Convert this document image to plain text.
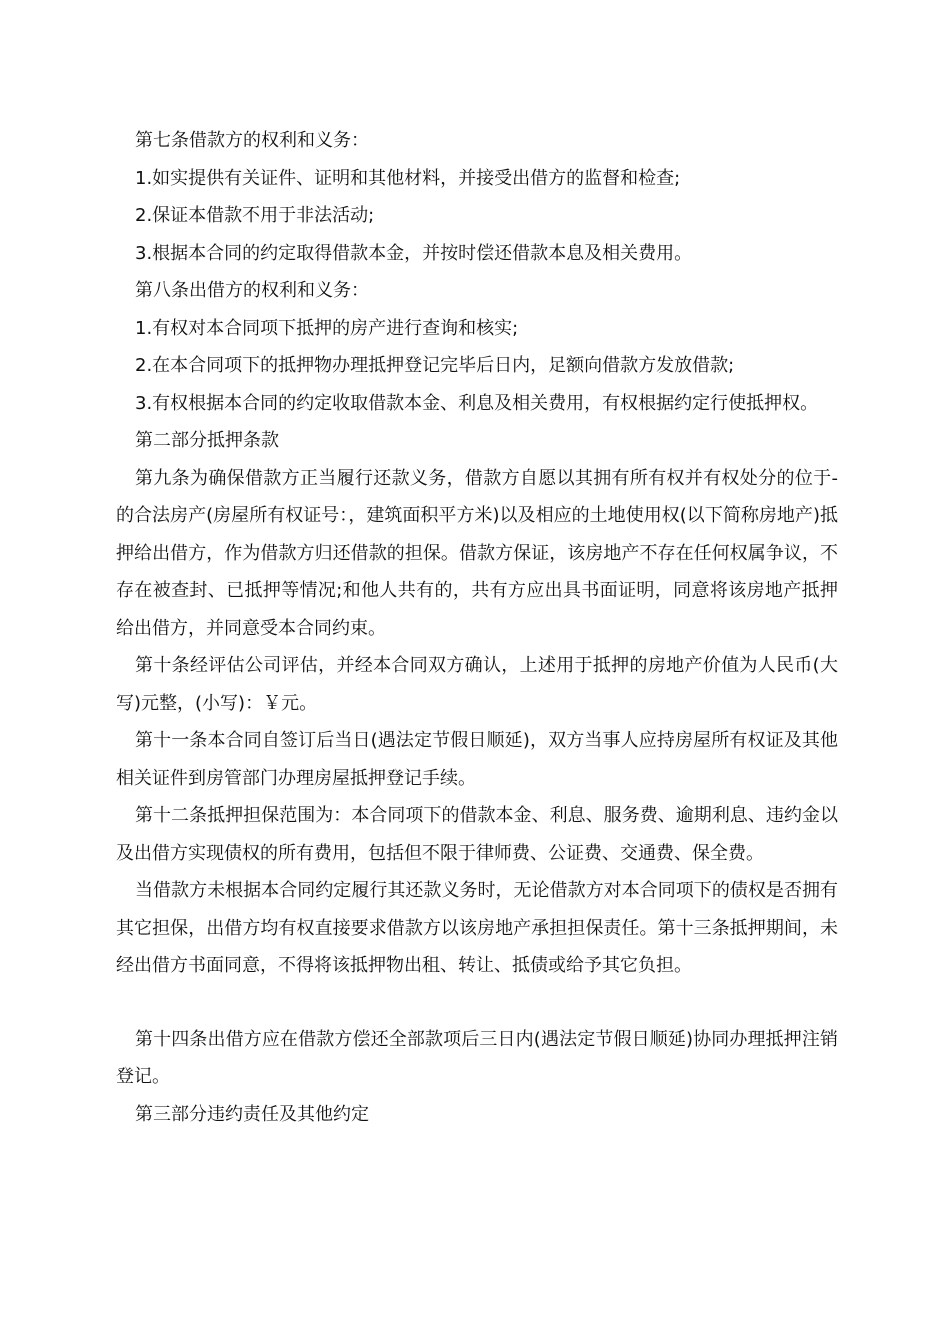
第七条借款方的权利和义务：

1.如实提供有关证件、证明和其他材料，并接受出借方的监督和检查;

2.保证本借款不用于非法活动;

3.根据本合同的约定取得借款本金，并按时偿还借款本息及相关费用。

第八条出借方的权利和义务：

1.有权对本合同项下抵押的房产进行查询和核实;

2.在本合同项下的抵押物办理抵押登记完毕后日内，足额向借款方发放借款;

3.有权根据本合同的约定收取借款本金、利息及相关费用，有权根据约定行使抵押权。

第二部分抵押条款

第九条为确保借款方正当履行还款义务，借款方自愿以其拥有所有权并有权处分的位于-的合法房产(房屋所有权证号：，建筑面积平方米)以及相应的土地使用权(以下简称房地产)抵押给出借方，作为借款方归还借款的担保。借款方保证，该房地产不存在任何权属争议，不存在被查封、已抵押等情况;和他人共有的，共有方应出具书面证明，同意将该房地产抵押给出借方，并同意受本合同约束。

第十条经评估公司评估，并经本合同双方确认，上述用于抵押的房地产价值为人民币(大写)元整，(小写)：￥元。

第十一条本合同自签订后当日(遇法定节假日顺延)，双方当事人应持房屋所有权证及其他相关证件到房管部门办理房屋抵押登记手续。

第十二条抵押担保范围为：本合同项下的借款本金、利息、服务费、逾期利息、违约金以及出借方实现债权的所有费用，包括但不限于律师费、公证费、交通费、保全费。

当借款方未根据本合同约定履行其还款义务时，无论借款方对本合同项下的债权是否拥有其它担保，出借方均有权直接要求借款方以该房地产承担担保责任。第十三条抵押期间，未经出借方书面同意，不得将该抵押物出租、转让、抵债或给予其它负担。

第十四条出借方应在借款方偿还全部款项后三日内(遇法定节假日顺延)协同办理抵押注销登记。

第三部分违约责任及其他约定
